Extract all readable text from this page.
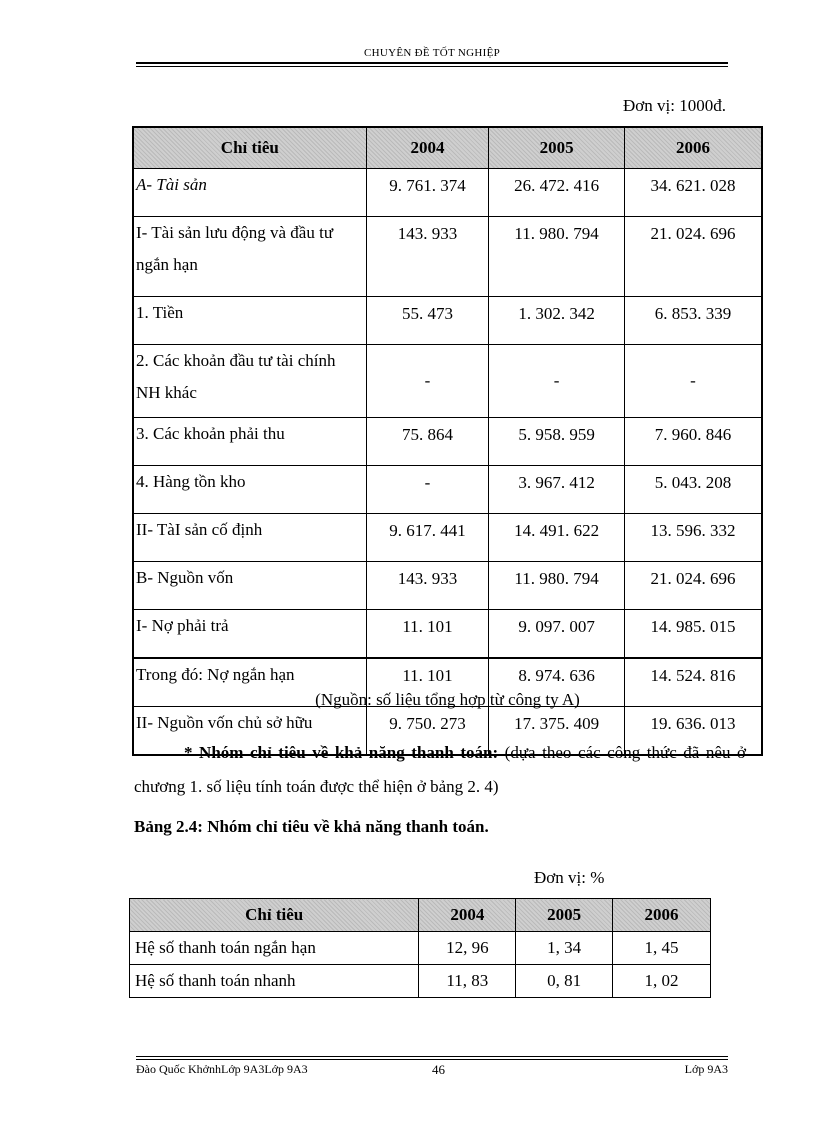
CHUYÊN ĐỀ TỐT NGHIỆP
Đơn vị: 1000đ.
Chỉ tiêu	2004	2005	2006
A- Tài sản	9. 761. 374	26. 472. 416	34. 621. 028
I- Tài sản lưu động và đầu tư ngắn hạn	143. 933	11. 980. 794	21. 024. 696
1. Tiền	55. 473	1. 302. 342	6. 853. 339
2. Các khoản đầu tư tài chính NH khác	-	-	-
3. Các khoản phải thu	75. 864	5. 958. 959	7. 960. 846
4. Hàng tồn kho	-	3. 967. 412	5. 043. 208
II- TàI sản cố định	9. 617. 441	14. 491. 622	13. 596. 332
B- Nguồn vốn	143. 933	11. 980. 794	21. 024. 696
I- Nợ phải trả	11. 101	9. 097. 007	14. 985. 015
Trong đó: Nợ ngắn hạn	11. 101	8. 974. 636	14. 524. 816
II- Nguồn vốn chủ sở hữu	9. 750. 273	17. 375. 409	19. 636. 013
(Nguồn: số liệu tổng hợp từ công ty A)
* Nhóm chỉ tiêu về khả năng thanh toán: (dựa theo các công thức đã nêu ở chương 1. số liệu tính toán được thể hiện ở bảng 2. 4)
Bảng 2.4: Nhóm chỉ tiêu về khả năng thanh toán.
Đơn vị: %
Chỉ tiêu	2004	2005	2006
Hệ số thanh toán ngắn hạn	12, 96	1, 34	1, 45
Hệ số thanh toán nhanh	11, 83	0, 81	1, 02
Đào Quốc KhởnhLớp 9A3Lớp 9A3	46	Lớp 9A3
